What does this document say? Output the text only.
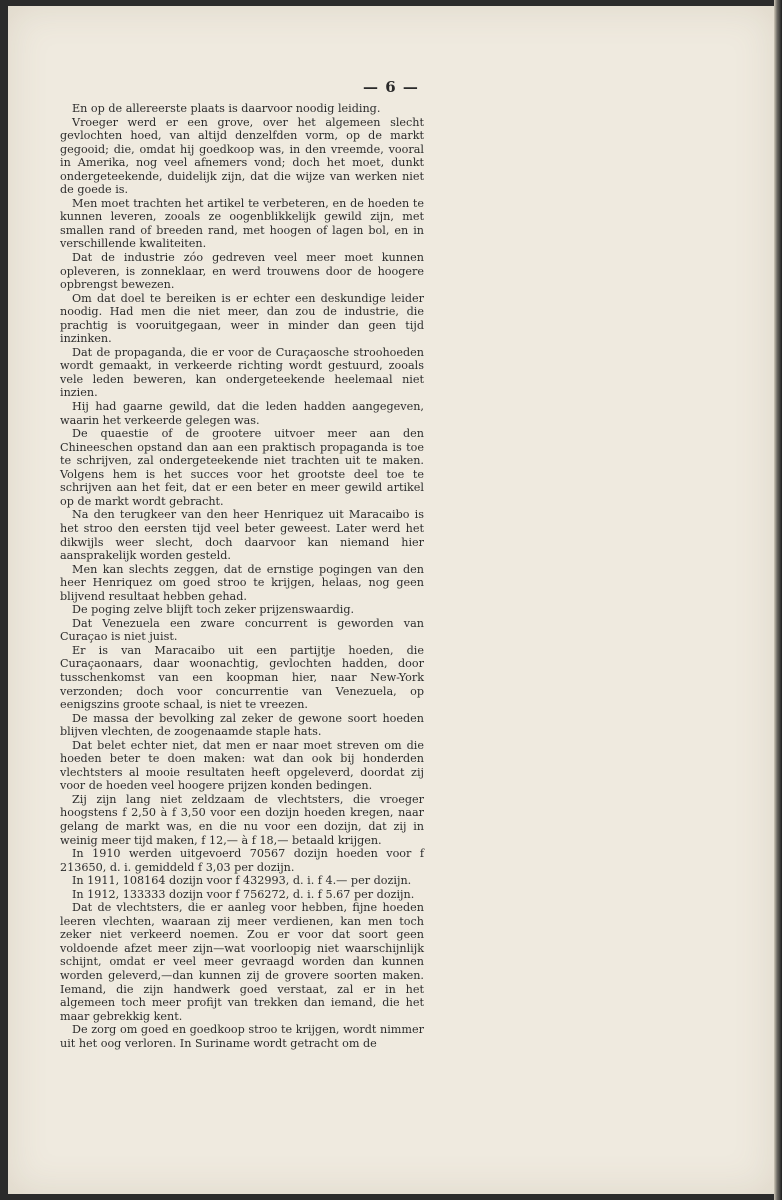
— 6 —

En op de allereerste plaats is daarvoor noodig leiding.

Vroeger werd er een grove, over het algemeen slecht gevlochten hoed, van altijd denzelfden vorm, op de markt gegooid; die, omdat hij goedkoop was, in den vreemde, vooral in Amerika, nog veel afnemers vond; doch het moet, dunkt ondergeteekende, duidelijk zijn, dat die wijze van werken niet de goede is.

Men moet trachten het artikel te verbeteren, en de hoeden te kunnen leveren, zooals ze oogenblikkelijk gewild zijn, met smallen rand of breeden rand, met hoogen of lagen bol, en in verschillende kwaliteiten.

Dat de industrie zóo gedreven veel meer moet kunnen opleveren, is zonneklaar, en werd trouwens door de hoogere opbrengst bewezen.

Om dat doel te bereiken is er echter een deskundige leider noodig. Had men die niet meer, dan zou de industrie, die prachtig is vooruitgegaan, weer in minder dan geen tijd inzinken.

Dat de propaganda, die er voor de Curaçaosche stroohoeden wordt gemaakt, in verkeerde richting wordt gestuurd, zooals vele leden beweren, kan ondergeteekende heelemaal niet inzien.

Hij had gaarne gewild, dat die leden hadden aangegeven, waarin het verkeerde gelegen was.

De quaestie of de grootere uitvoer meer aan den Chineeschen opstand dan aan een praktisch propaganda is toe te schrijven, zal ondergeteekende niet trachten uit te maken. Volgens hem is het succes voor het grootste deel toe te schrijven aan het feit, dat er een beter en meer gewild artikel op de markt wordt gebracht.

Na den terugkeer van den heer Henriquez uit Maracaibo is het stroo den eersten tijd veel beter geweest. Later werd het dikwijls weer slecht, doch daarvoor kan niemand hier aansprakelijk worden gesteld.

Men kan slechts zeggen, dat de ernstige pogingen van den heer Henriquez om goed stroo te krijgen, helaas, nog geen blijvend resultaat hebben gehad.

De poging zelve blijft toch zeker prijzenswaardig.

Dat Venezuela een zware concurrent is geworden van Curaçao is niet juist.

Er is van Maracaibo uit een partijtje hoeden, die Curaçaonaars, daar woonachtig, gevlochten hadden, door tusschenkomst van een koopman hier, naar New-York verzonden; doch voor concurrentie van Venezuela, op eenigszins groote schaal, is niet te vreezen.

De massa der bevolking zal zeker de gewone soort hoeden blijven vlechten, de zoogenaamde staple hats.

Dat belet echter niet, dat men er naar moet streven om die hoeden beter te doen maken: wat dan ook bij honderden vlechtsters al mooie resultaten heeft opgeleverd, doordat zij voor de hoeden veel hoogere prijzen konden bedingen.

Zij zijn lang niet zeldzaam de vlechtsters, die vroeger hoogstens f 2,50 à f 3,50 voor een dozijn hoeden kregen, naar gelang de markt was, en die nu voor een dozijn, dat zij in weinig meer tijd maken, f 12,— à f 18,— betaald krijgen.

In 1910 werden uitgevoerd 70567 dozijn hoeden voor f 213650, d. i. gemiddeld f 3,03 per dozijn.

In 1911, 108164 dozijn voor f 432993, d. i. f 4.— per dozijn.

In 1912, 133333 dozijn voor f 756272, d. i. f 5.67 per dozijn.

Dat de vlechtsters, die er aanleg voor hebben, fijne hoeden leeren vlechten, waaraan zij meer verdienen, kan men toch zeker niet verkeerd noemen. Zou er voor dat soort geen voldoende afzet meer zijn—wat voorloopig niet waarschijnlijk schijnt, omdat er veel meer gevraagd worden dan kunnen worden geleverd,—dan kunnen zij de grovere soorten maken. Iemand, die zijn handwerk goed verstaat, zal er in het algemeen toch meer profijt van trekken dan iemand, die het maar gebrekkig kent.

De zorg om goed en goedkoop stroo te krijgen, wordt nimmer uit het oog verloren. In Suriname wordt getracht om de
